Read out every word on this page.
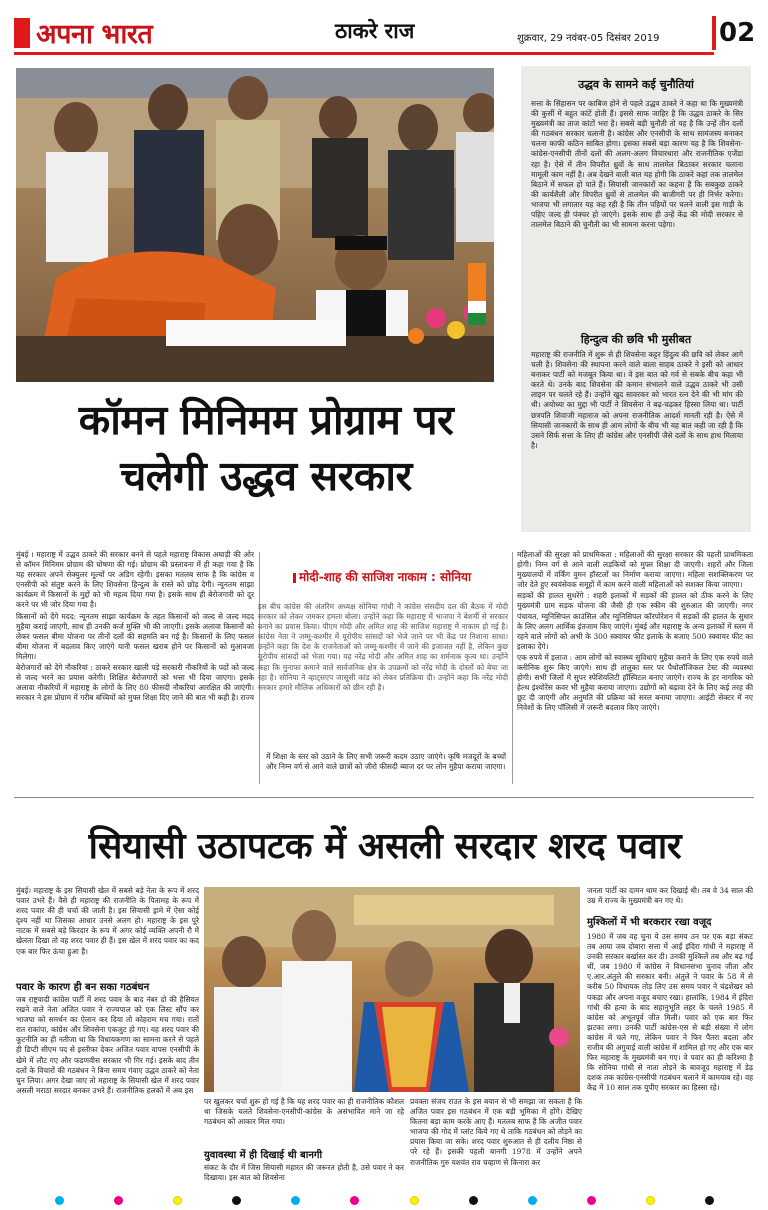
अपना भारत	ठाकरे राज	शुक्रवार, 29 नवंबर-05 दिसंबर 2019 02
उद्धव के सामने कई चुनौतियां
सत्ता के सिंहासन पर काबिज होने से पहले उद्धव ठाकरे ने कहा था कि मुख्यमंत्री की कुर्सी में बहुत कांटें होती हैं। इससे साफ जाहिर है कि उद्धव ठाकरे के सिर मुख्यमंत्री का ताज कांटों भरा है। सबसे बड़ी चुनौती तो यह है कि उन्हें तीन दलों की गठबंधन सरकार चलानी है। कांग्रेस और एनसीपी के साथ सामंजस्य बनाकर चलना काफी कठिन साबित होगा। इसका सबसे बड़ा कारण यह है कि शिवसेना-कांग्रेस-एनसीपी तीनों दलों की अलग-अलग विचारधारा और राजनीतिक एजेंडा रहा है। ऐसे में तीन विपरीत ध्रुवों के साथ तालमेल बिठाकर सरकार चलाना मामूली काम नहीं है। अब देखने वाली बात यह होगी कि ठाकरे कहां तक तालमेल बिठाने में सफल हो पाते हैं। सियासी जानकारों का कहना है कि सबकुछ ठाकरे की कार्यशैली और विपरीत ध्रुवों से तालमेल की बाजीगरी पर ही निर्भर करेगा। भाजपा भी लगातार यह कह रही है कि तीन पहियों पर चलने वाली इस गाड़ी के पहिए जल्द ही पंक्चर हो जाएंगे। इसके साथ ही उन्हें केंद्र की मोदी सरकार से तालमेल बिठाने की चुनौती का भी सामना करना पड़ेगा।
हिन्दुत्व की छवि भी मुसीबत
महाराष्ट्र की राजनीति में शुरू से ही शिवसेना कट्टर हिंदुत्व की छवि को लेकर आगे चली है। शिवसेना की स्थापना करने वाले बाला साहब ठाकरे ने इसी को आधार बनाकर पार्टी को मजबूत किया था। वे इस बात को गर्व से सबके बीच कहा भी करते थे। उनके बाद शिवसेना की कमान संभालने वाले उद्धव ठाकरे भी उसी लाइन पर चलते रहे हैं। उन्होंने खुद सावरकर को भारत रत्न देने की भी मांग की थी। अयोध्या का मुद्दा भी पार्टी ने शिवसेना ने बढ़-चढ़कर हिस्सा लिया था। पार्टी छत्रपति शिवाजी महाराज को अपना राजनीतिक आदर्श मानती रही है। ऐसे में सियासी जानकारों के साथ ही आम लोगों के बीच भी यह बात कही जा रही है कि उसने सिर्फ सत्ता के लिए ही कांग्रेस और एनसीपी जैसे दलों के साथ हाथ मिलाया है।
कॉमन मिनिमम प्रोग्राम पर
चलेगी उद्धव सरकार

मुंबई । महाराष्ट्र में उद्धव ठाकरे की सरकार बनने से पहले महाराष्ट्र विकास अघाड़ी की ओर से कॉमन मिनिमम प्रोग्राम की घोषणा की गई। प्रोग्राम की प्रस्तावना में ही कहा गया है कि यह सरकार अपने सेक्युलर मूल्यों पर अडिग रहेगी। इसका मतलब साफ है कि कांग्रेस व एनसीपी को संतुष्ट करने के लिए शिवसेना हिन्दुत्व के रास्ते को छोड़ देगी। न्यूनतम साझा कार्यक्रम में किसानों के मुद्दों को भी महत्व दिया गया है। इसके साथ ही बेरोजगारी को दूर करने पर भी जोर दिया गया है।

किसानों को देंगे मदद: न्यूनतम साझा कार्यक्रम के तहत किसानों को जल्द से जल्द मदद मुहैया कराई जाएगी, साथ ही उनकी कर्ज मुक्ति भी की जाएगी। इसके अलावा किसानों को लेकर फसल बीमा योजना पर तीनों दलों की सहमति बन गई है। किसानों के लिए फसल बीमा योजना में बदलाव किए जाएंगे यानी फसल खराब होने पर किसानों को मुआवजा मिलेगा।

बेरोजगारों को देंगे नौकरियां : ठाकरे सरकार खाली पड़े सरकारी नौकरियों के पदों को जल्द से जल्द भरने का प्रयास करेगी। शिक्षित बेरोजगारों को भत्ता भी दिया जाएगा। इसके अलावा नौकरियों में महाराष्ट्र के लोगों के लिए 80 फीसदी नौकरियां आरक्षित की जाएंगी। सरकार ने इस प्रोग्राम में गरीब बच्चियों को मुफ्त शिक्षा दिए जाने की बात भी कही है। राज्य

मोदी-शाह की साजिश नाकाम : सोनिया
इस बीच कांग्रेस की अंतरिम अध्यक्ष सोनिया गांधी ने कांग्रेस संसदीय दल की बैठक में मोदी सरकार को लेकर जमकर हमला बोला। उन्होंने कहा कि महाराष्ट्र में भाजपा ने बेशर्मी से सरकार बनाने का प्रयास किया। पीएम मोदी और अमित शाह की साजिश महाराष्ट्र में नाकाम हो गई है। कांग्रेस नेता ने जम्मू-कश्मीर में यूरोपीय सांसदों को भेजे जाने पर भी केंद्र पर निशाना साधा। उन्होंने कहा कि देश के राजनेताओं को जम्मू-कश्मीर में जाने की इजाजत नहीं है, लेकिन कुछ यूरोपीय सांसदों को भेजा गया। यह नरेंद्र मोदी और अमित शाह का शर्मनाक कृत्य था। उन्होंने कहा कि मुनाफा कमाने वाले सार्वजनिक क्षेत्र के उपक्रमों को नरेंद्र मोदी के दोस्तों को बेचा जा रहा है। सोनिया ने व्हाट्सएप जासूसी कांड को लेकर प्रतिक्रिया दी। उन्होंने कहा कि नरेंद्र मोदी सरकार हमारे मौलिक अधिकारों को छीन रही है।
में शिक्षा के स्तर को उठाने के लिए सभी जरूरी कदम उठाए जाएंगे। कृषि मजदूरों के बच्चों और निम्न वर्ग से आने वाले छात्रों को जीरो फीसदी ब्याज दर पर लोन मुहैया कराया जाएगा।

महिलाओं की सुरक्षा को प्राथमिकता : महिलाओं की सुरक्षा सरकार की पहली प्राथमिकता होगी। निम्न वर्ग से आने वाली लड़कियों को मुफ्त शिक्षा दी जाएगी। शहरों और जिला मुख्यालयों में वर्किंग वुमन हॉस्टलों का निर्माण कराया जाएगा। महिला सशक्तिकरण पर जोर देते हुए स्वयंसेवक समूहों में काम करने वाली महिलाओं को सशक्त किया जाएगा।

सड़कों की हालत सुधरेंगे : शहरी इलाकों में सड़कों की हालत को ठीक करने के लिए मुख्यमंत्री ग्राम सड़क योजना की जैसी ही एक स्कीम की शुरुआत की जाएगी। नगर पंचायत, म्युनिसिपल काउंसिल और म्युनिसिपल कॉरपोरेशन में सड़कों की हालत के सुधार के लिए अलग आर्थिक इंतजाम किए जाएंगे। मुंबई और महाराष्ट्र के अन्य इलाकों में स्लम में रहने वाले लोगों को अभी के 300 स्क्वायर फीट इलाके के बजाए 500 स्क्वायर फीट का इलाका देंगे।

एक रुपये में इलाज : आम लोगों को स्वास्थ्य सुविधाएं मुहैया कराने के लिए एक रुपये वाले क्लीनिक शुरू किए जाएंगे। साथ ही तालुका स्तर पर पैथोलॉजिकल टेस्ट की व्यवस्था होगी। सभी जिलों में सुपर स्पेशियलिटी हॉस्पिटल बनाए जाएंगे। राज्य के हर नागरिक को हेल्थ इंश्योरेंस कवर भी मुहैया कराया जाएगा। उद्योगों को बढ़ावा देने के लिए कई तरह की छूट दी जाएंगी और अनुमति की प्रक्रिया को सरल बनाया जाएगा। आईटी सेक्टर में नए निवेशों के लिए पॉलिसी में जरूरी बदलाव किए जाएंगे।

सियासी उठापटक में असली सरदार शरद पवार
मुंबई। महाराष्ट्र के इस सियासी खेल में सबसे बड़े नेता के रूप में शरद पवार उभरे हैं। वैसे ही महाराष्ट्र की राजनीति के पितामह के रूप में शरद पवार की ही चर्चा की जाती है। इस सियासी ड्रामे में ऐसा कोई दृश्य नहीं था जिसका आधार उनसे अलग हो। महाराष्ट्र के इस पूरे नाटक में सबसे बड़े किरदार के रूप में अगर कोई व्यक्ति अपनी रौ में खेलता दिखा तो वह शरद पवार ही हैं। इस खेल में शरद पवार का कद एक बार फिर ऊंचा हुआ है।
पवार के कारण ही बन सका गठबंधन
जब राष्ट्रवादी कांग्रेस पार्टी में शरद पवार के बाद नंबर दो की हैसियत रखने वाले नेता अजित पवार ने राज्यपाल को एक लिस्ट सौंप कर भाजपा को समर्थन का ऐलान कर दिया तो कोहराम मच गया। रातों रात राकांपा, कांग्रेस और शिवसेना एकजुट हो गए। यह शरद पवार की कूटनीति का ही नतीजा था कि विधायकगण का सामना करने से पहले ही डिप्टी सीएम पद से इस्तीफा देकर अजित पवार वापस एनसीपी के खेमे में लौट गए और फडणवीस सरकार भी गिर गई। इसके बाद तीन दलों के विचारों की गठबंधन ने बिना समय गंवाए उद्धव ठाकरे को नेता चुन लिया। अगर देखा जाए तो महाराष्ट्र के सियासी खेल में शरद पवार असली मराठा सरदार बनकर उभरे हैं। राजनीतिक हलकों में अब इस
पर खुलकर चर्चा शुरू हो गई है कि यह शरद पवार का ही राजनीतिक कौशल था जिसके चलते शिवसेना-एनसीपी-कांग्रेस के असंभावित माने जा रहे गठबंधन को आकार मिल गया।
युवावस्था में ही दिखाई थी बानगी
संकट के दौर में जिस सियासी महारत की जरूरत होती है, उसे पवार ने कर दिखाया। इस बात को शिवसेना
प्रवक्ता संजय राउत के इस बयान से भी समझा जा सकता है कि अजित पवार इस गठबंधन में एक बड़ी भूमिका में होंगे। देखिए कितना बड़ा काम करके आए हैं। मतलब साफ है कि अजीत पवार भाजपा की गोद में प्लांट किये गए थे ताकि गठबंधन को तोड़ने का प्रयास किया जा सके। शरद पवार शुरुआत से ही दलीय निष्ठा से परे रहे हैं। इसकी पहली बानगी 1978 में उन्होंने अपने राजनीतिक गुरु यशवंत राव चव्हाण से किनारा कर
जनता पार्टी का दामन थाम कर दिखाई थी। तब वे 34 साल की उम्र में राज्य के मुख्यमंत्री बन गए थे।
मुश्किलों में भी बरकरार रखा वजूद
1980 में जब वह चुना ये उस समय उन पर एक बड़ा संकट तब आया जब दोबारा सत्ता में आईं इंदिरा गांधी ने महाराष्ट्र में उनकी सरकार बर्खास्त कर दी। उनकी मुश्किलें तब और बढ़ गईं थीं, जब 1980 में कांग्रेस ने विधानसभा चुनाव जीता और ए.आर.अंतुले की सरकार बनी। अंतुले ने पवार के 58 में से करीब 50 विधायक तोड़ लिए उस समय पवार ने चंद्रशेखर को पकड़ा और अपना वजूद बचाए रखा। हालांकि, 1984 में इंदिरा गांधी की हत्या के बाद सहानुभूति लहर के चलते 1985 में कांग्रेस को अभूतपूर्व जीत मिली। पवार को एक बार फिर झटका लगा। उनकी पार्टी कांग्रेस-एस से बड़ी संख्या में लोग कांग्रेस में चले गए, लेकिन पवार ने फिर पैंतरा बदला और राजीव की अगुवाई वाली कांग्रेस में शामिल हो गए और एक बार फिर महाराष्ट्र के मुख्यमंत्री बन गए। वे पवार का ही करिश्मा है कि सोनिया गांधी से नाता तोड़ने के बावजूद महाराष्ट्र में डेढ़ दशक तक कांग्रेस-एनसीपी गठबंधन चलाने में कामयाब रहे। वह केंद्र में 10 साल तक यूपीए सरकार का हिस्सा रहे।
